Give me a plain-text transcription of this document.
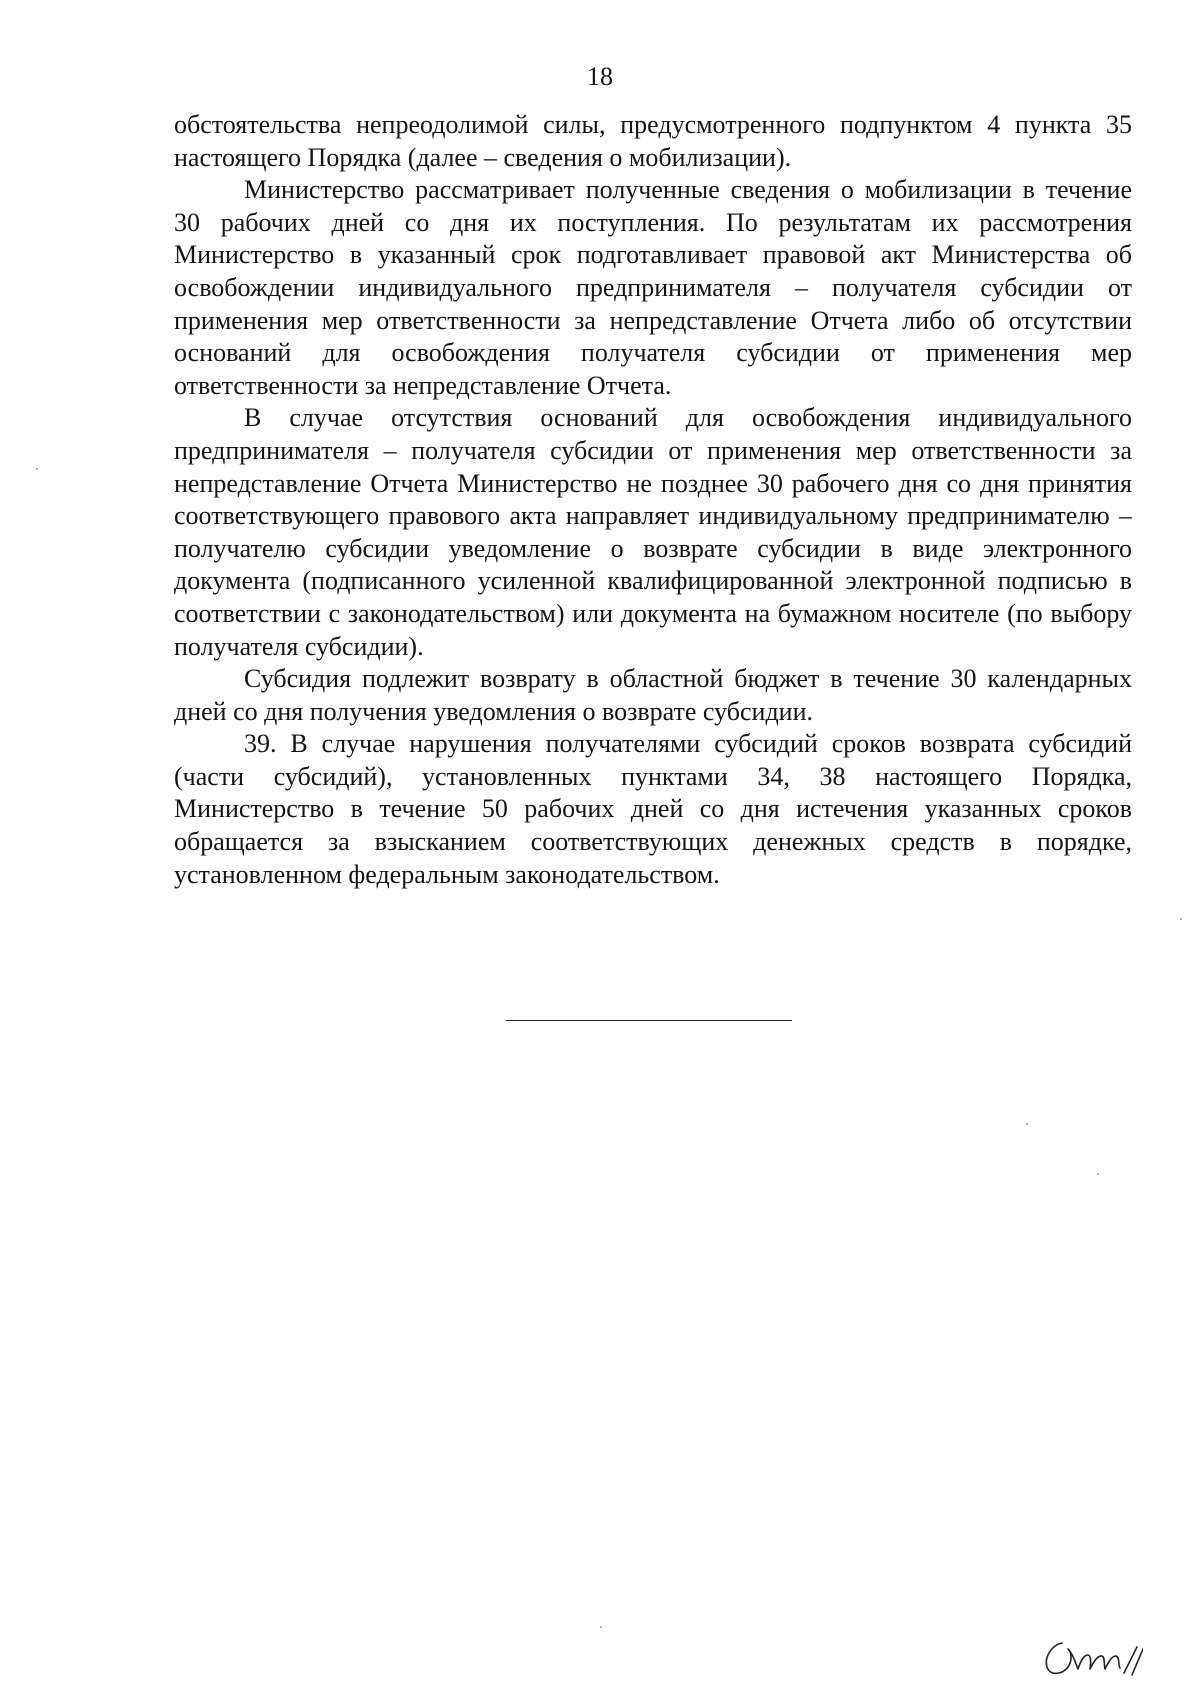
18

обстоятельства непреодолимой силы, предусмотренного подпунктом 4 пункта 35 настоящего Порядка (далее – сведения о мобилизации).

Министерство рассматривает полученные сведения о мобилизации в течение 30 рабочих дней со дня их поступления. По результатам их рассмотрения Министерство в указанный срок подготавливает правовой акт Министерства об освобождении индивидуального предпринимателя – получателя субсидии от применения мер ответственности за непредставление Отчета либо об отсутствии оснований для освобождения получателя субсидии от применения мер ответственности за непредставление Отчета.

В случае отсутствия оснований для освобождения индивидуального предпринимателя – получателя субсидии от применения мер ответственности за непредставление Отчета Министерство не позднее 30 рабочего дня со дня принятия соответствующего правового акта направляет индивидуальному предпринимателю – получателю субсидии уведомление о возврате субсидии в виде электронного документа (подписанного усиленной квалифицированной электронной подписью в соответствии с законодательством) или документа на бумажном носителе (по выбору получателя субсидии).

Субсидия подлежит возврату в областной бюджет в течение 30 календарных дней со дня получения уведомления о возврате субсидии.

39. В случае нарушения получателями субсидий сроков возврата субсидий (части субсидий), установленных пунктами 34, 38 настоящего Порядка, Министерство в течение 50 рабочих дней со дня истечения указанных сроков обращается за взысканием соответствующих денежных средств в порядке, установленном федеральным законодательством.
